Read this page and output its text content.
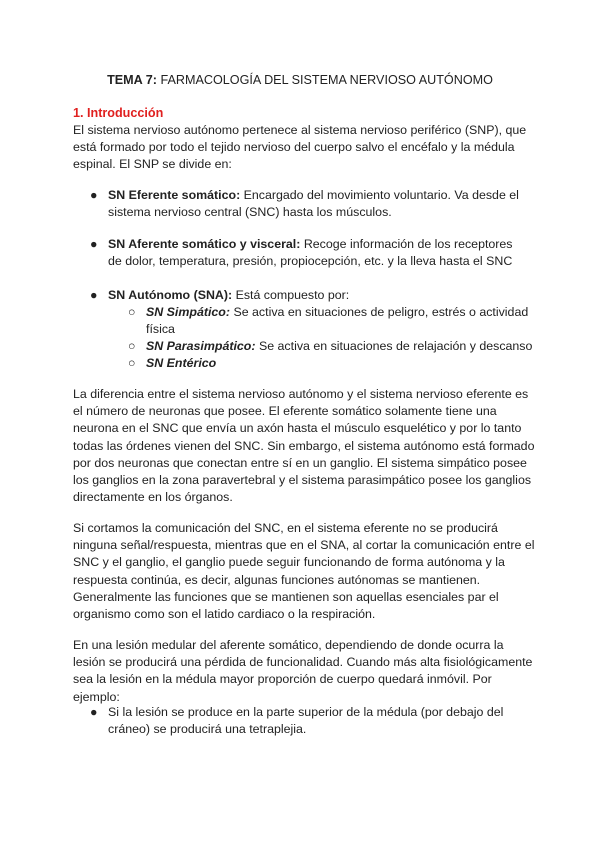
TEMA 7: FARMACOLOGÍA DEL SISTEMA NERVIOSO AUTÓNOMO
1. Introducción
El sistema nervioso autónomo pertenece al sistema nervioso periférico (SNP), que está formado por todo el tejido nervioso del cuerpo salvo el encéfalo y la médula espinal. El SNP se divide en:
● SN Eferente somático: Encargado del movimiento voluntario. Va desde el sistema nervioso central (SNC) hasta los músculos.
● SN Aferente somático y visceral: Recoge información de los receptores de dolor, temperatura, presión, propiocepción, etc. y la lleva hasta el SNC
● SN Autónomo (SNA): Está compuesto por:
○ SN Simpático: Se activa en situaciones de peligro, estrés o actividad física
○ SN Parasimpático: Se activa en situaciones de relajación y descanso
○ SN Entérico
La diferencia entre el sistema nervioso autónomo y el sistema nervioso eferente es el número de neuronas que posee. El eferente somático solamente tiene una neurona en el SNC que envía un axón hasta el músculo esquelético y por lo tanto todas las órdenes vienen del SNC. Sin embargo, el sistema autónomo está formado por dos neuronas que conectan entre sí en un ganglio. El sistema simpático posee los ganglios en la zona paravertebral y el sistema parasimpático posee los ganglios directamente en los órganos.
Si cortamos la comunicación del SNC, en el sistema eferente no se producirá ninguna señal/respuesta, mientras que en el SNA, al cortar la comunicación entre el SNC y el ganglio, el ganglio puede seguir funcionando de forma autónoma y la respuesta continúa, es decir, algunas funciones autónomas se mantienen. Generalmente las funciones que se mantienen son aquellas esenciales par el organismo como son el latido cardiaco o la respiración.
En una lesión medular del aferente somático, dependiendo de donde ocurra la lesión se producirá una pérdida de funcionalidad. Cuando más alta fisiológicamente sea la lesión en la médula mayor proporción de cuerpo quedará inmóvil. Por ejemplo:
● Si la lesión se produce en la parte superior de la médula (por debajo del cráneo) se producirá una tetraplejia.
